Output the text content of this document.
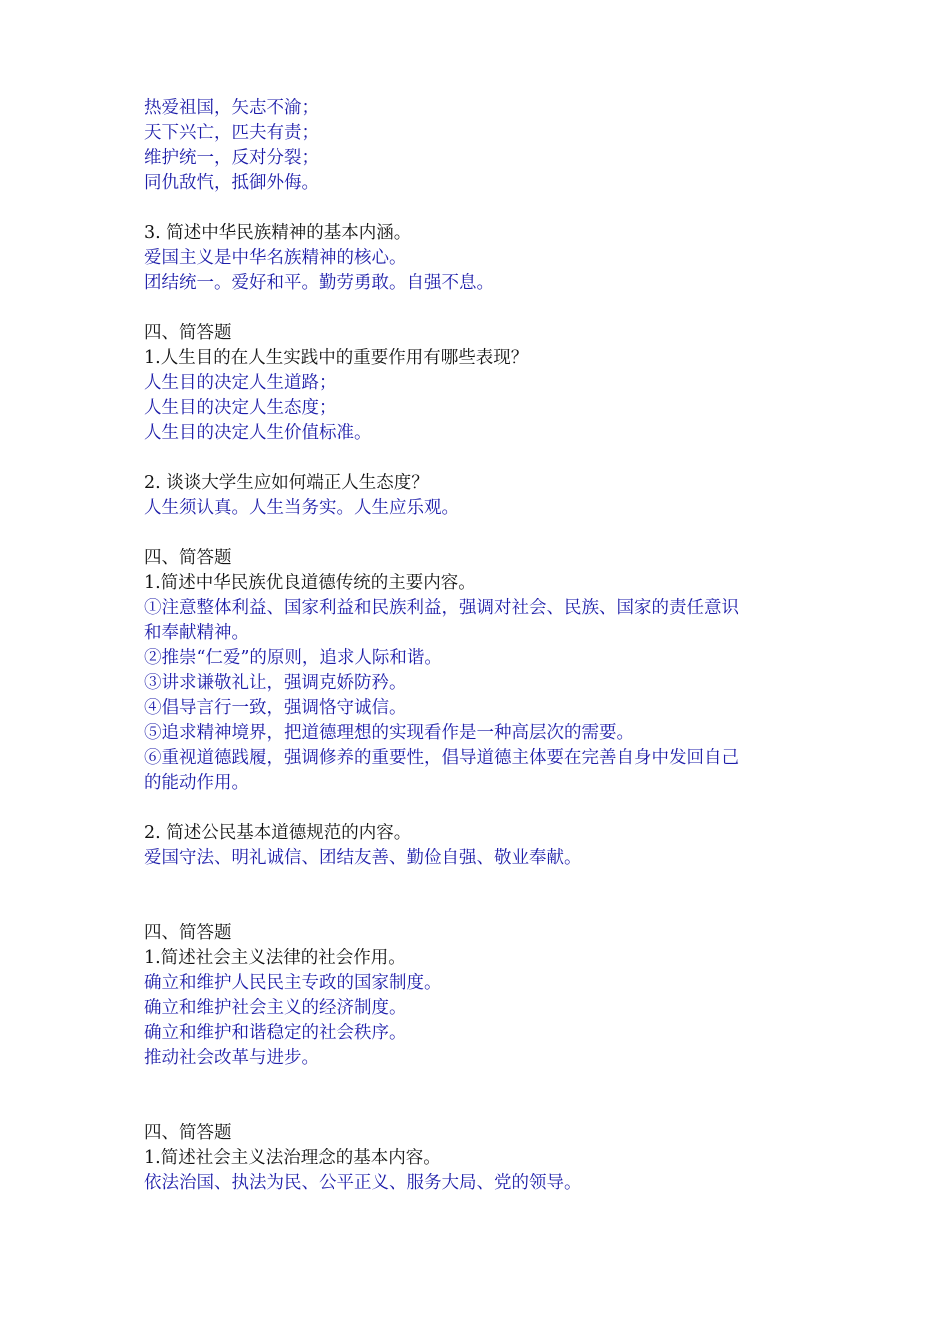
热爱祖国，矢志不渝；
天下兴亡，匹夫有责；
维护统一，反对分裂；
同仇敌忾，抵御外侮。
3. 简述中华民族精神的基本内涵。
爱国主义是中华名族精神的核心。
团结统一。爱好和平。勤劳勇敢。自强不息。
四、简答题
1.人生目的在人生实践中的重要作用有哪些表现？
人生目的决定人生道路；
人生目的决定人生态度；
人生目的决定人生价值标准。
2. 谈谈大学生应如何端正人生态度？
人生须认真。人生当务实。人生应乐观。
四、简答题
1.简述中华民族优良道德传统的主要内容。
①注意整体利益、国家利益和民族利益，强调对社会、民族、国家的责任意识
和奉献精神。
②推崇“仁爱”的原则，追求人际和谐。
③讲求谦敬礼让，强调克娇防矜。
④倡导言行一致，强调恪守诚信。
⑤追求精神境界，把道德理想的实现看作是一种高层次的需要。
⑥重视道德践履，强调修养的重要性，倡导道德主体要在完善自身中发回自己
的能动作用。
2. 简述公民基本道德规范的内容。
爱国守法、明礼诚信、团结友善、勤俭自强、敬业奉献。
四、简答题
1.简述社会主义法律的社会作用。
确立和维护人民民主专政的国家制度。
确立和维护社会主义的经济制度。
确立和维护和谐稳定的社会秩序。
推动社会改革与进步。
四、简答题
1.简述社会主义法治理念的基本内容。
依法治国、执法为民、公平正义、服务大局、党的领导。
